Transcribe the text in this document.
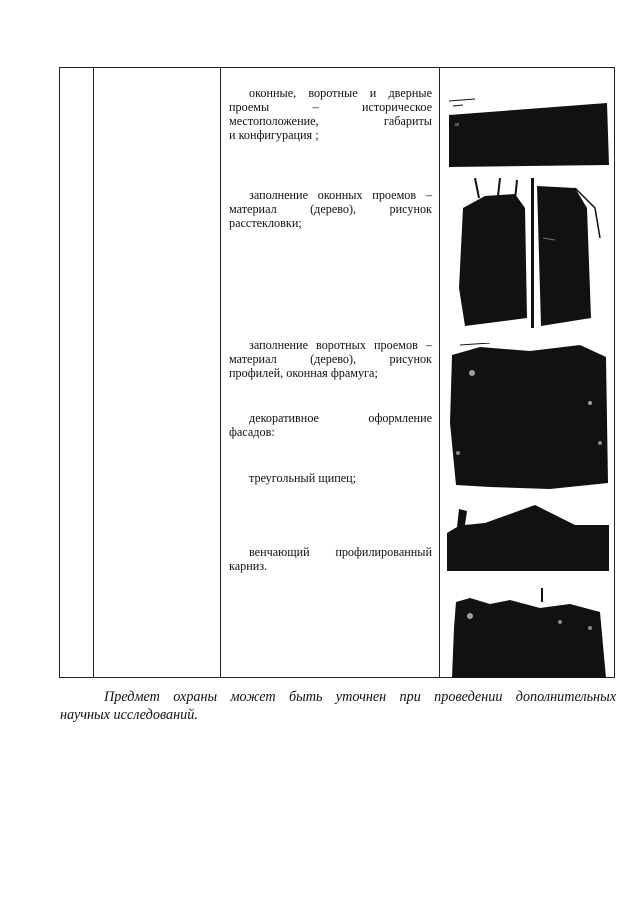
оконные, воротные и дверные
проемы	–	историческое
местоположение,	габариты
и конфигурация ;
заполнение оконных проемов –
материал	(дерево),	рисунок
расстекловки;
заполнение воротных проемов –
материал	(дерево),	рисунок
профилей, оконная фрамуга;
декоративное	оформление
фасадов:
треугольный щипец;
венчающий профилированный
карниз.
Предмет охраны может быть уточнен при проведении дополнительных
научных исследований.
